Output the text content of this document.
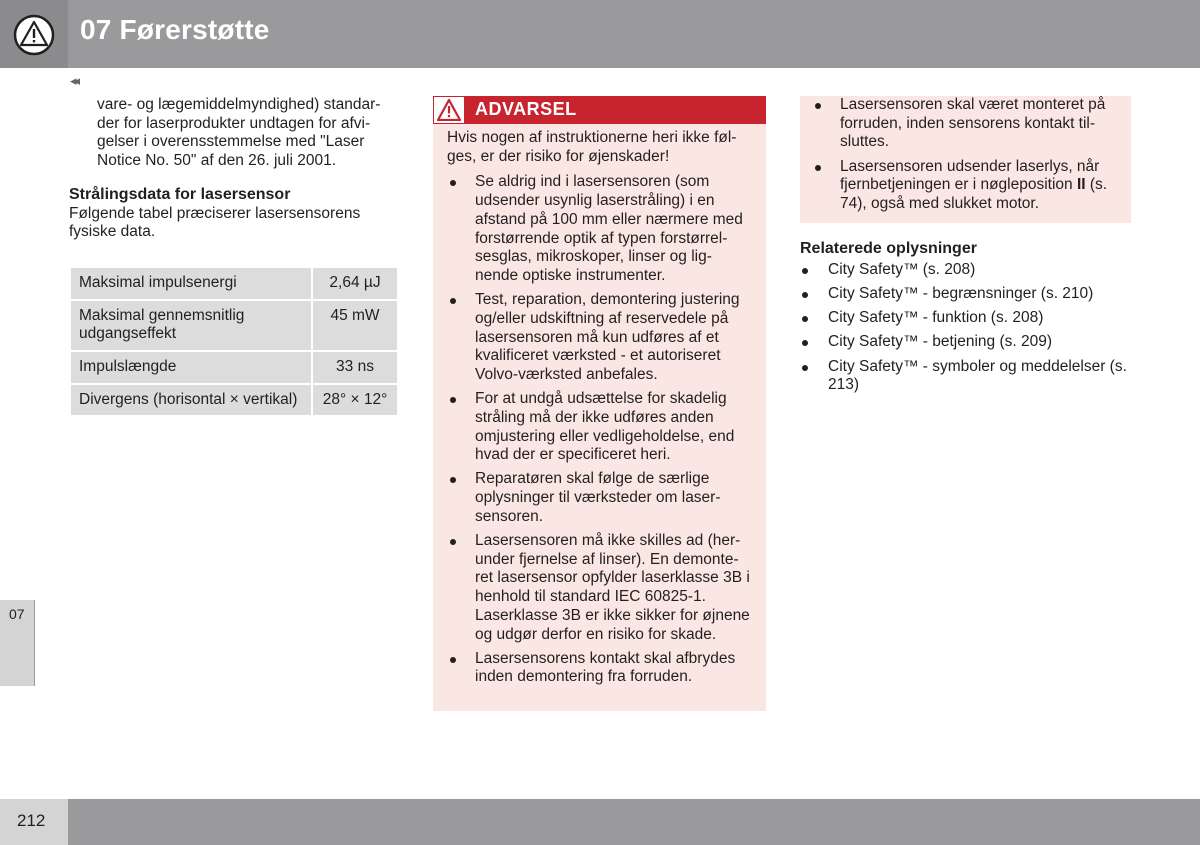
07 Førerstøtte
◂◂
07
vare- og lægemiddelmyndighed) standar-
der for laserprodukter undtagen for afvi-
gelser i overensstemmelse med "Laser
Notice No. 50" af den 26. juli 2001.
Strålingsdata for lasersensor
Følgende tabel præciserer lasersensorens
fysiske data.
Maksimal impulsenergi	2,64 µJ
Maksimal gennemsnitlig udgangseffekt	45 mW
Impulslængde	33 ns
Divergens (horisontal × vertikal)	28° × 12°
ADVARSEL
Hvis nogen af instruktionerne heri ikke føl-
ges, er der risiko for øjenskader!
Se aldrig ind i lasersensoren (som udsender usynlig laserstråling) i en afstand på 100 mm eller nærmere med forstørrende optik af typen forstørrel-sesglas, mikroskoper, linser og lig-nende optiske instrumenter.
Test, reparation, demontering justering og/eller udskiftning af reservedele på lasersensoren må kun udføres af et kvalificeret værksted - et autoriseret Volvo-værksted anbefales.
For at undgå udsættelse for skadelig stråling må der ikke udføres anden omjustering eller vedligeholdelse, end hvad der er specificeret heri.
Reparatøren skal følge de særlige oplysninger til værksteder om laser-sensoren.
Lasersensoren må ikke skilles ad (her-under fjernelse af linser). En demonte-ret lasersensor opfylder laserklasse 3B i henhold til standard IEC 60825-1. Laserklasse 3B er ikke sikker for øjnene og udgør derfor en risiko for skade.
Lasersensorens kontakt skal afbrydes inden demontering fra forruden.
Lasersensoren skal været monteret på forruden, inden sensorens kontakt til-sluttes.
Lasersensoren udsender laserlys, når fjernbetjeningen er i nøgleposition II (s. 74), også med slukket motor.
Relaterede oplysninger
City Safety™ (s. 208)
City Safety™ - begrænsninger (s. 210)
City Safety™ - funktion (s. 208)
City Safety™ - betjening (s. 209)
City Safety™ - symboler og meddelelser (s. 213)
212
